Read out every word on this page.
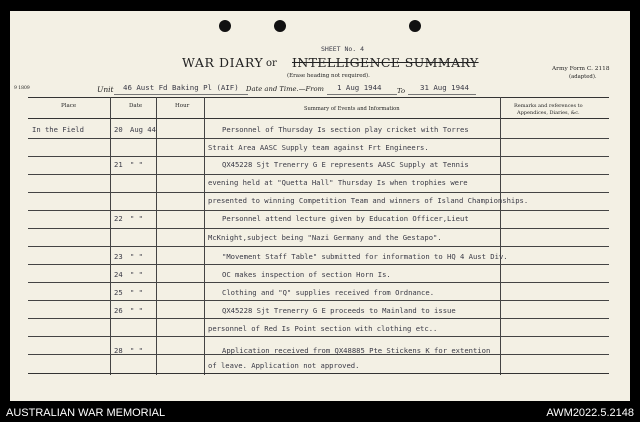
SHEET No. 4
WAR DIARY or INTELLIGENCE SUMMARY
(Erase heading not required).
Army Form C. 2118
(adapted).
9 1809	Unit 46 Aust Fd Baking Pl (AIF) Date and Time.—From 1 Aug 1944 To 31 Aug 1944
Place	Date	Hour	Summary of Events and Information	Remarks and references to
Appendices, Diaries, &c.
In the Field	20 Aug 44	Personnel of Thursday Is section play cricket with Torres
Strait Area AASC Supply team against Frt Engineers.
21 " "	QX45228 Sjt Trenerry G E represents AASC Supply at Tennis
evening held at "Quetta Hall" Thursday Is when trophies were
presented to winning Competition Team and winners of Island Championships.
22 " "	Personnel attend lecture given by Education Officer,Lieut
McKnight,subject being "Nazi Germany and the Gestapo".
23 " "	"Movement Staff Table" submitted for information to HQ 4 Aust Div.
24 " "	OC makes inspection of section Horn Is.
25 " "	Clothing and "Q" supplies received from Ordnance.
26 " "	QX45228 Sjt Trenerry G E proceeds to Mainland to issue
personnel of Red Is Point section with clothing etc..
28 " "	Application received from QX48885 Pte Stickens K for extention
of leave. Application not approved.
AUSTRALIAN WAR MEMORIAL	AWM2022.5.2148
